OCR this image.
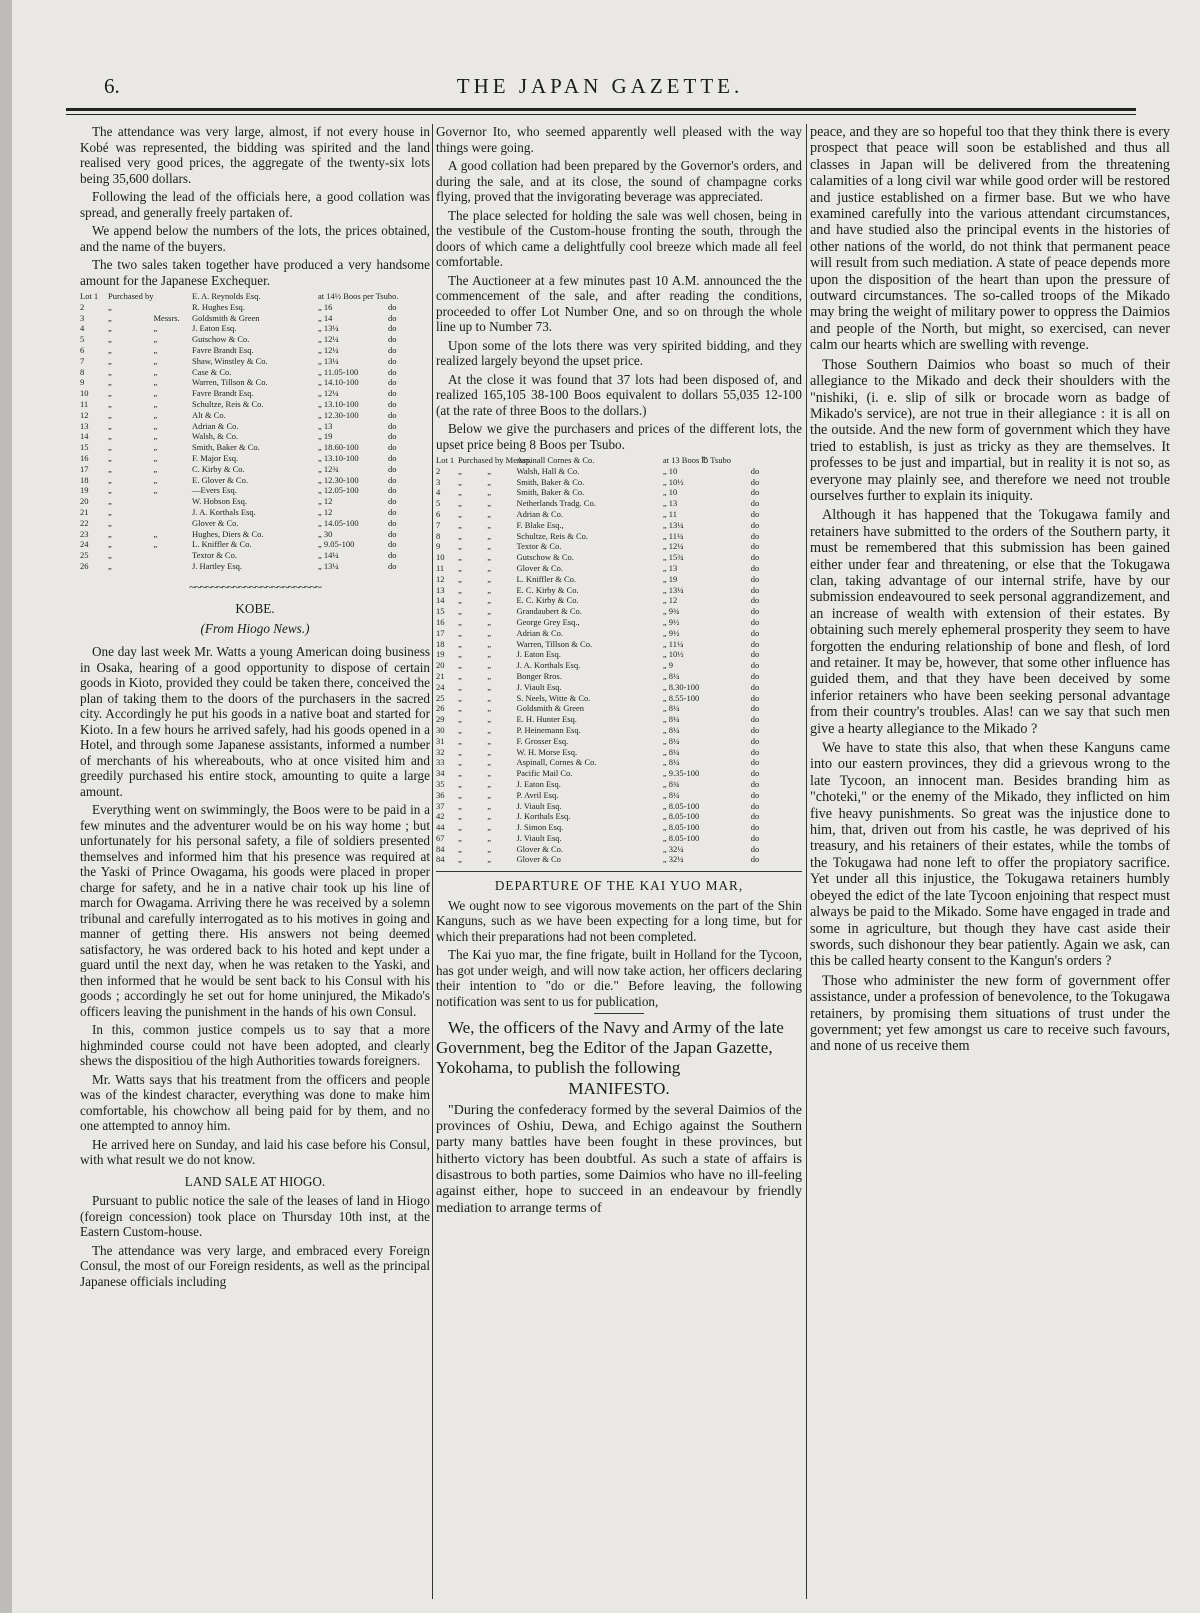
6.	THE JAPAN GAZETTE.

The attendance was very large, almost, if not every house in Kobé was represented, the bidding was spirited and the land realised very good prices, the aggregate of the twenty-six lots being 35,600 dollars.

Following the lead of the officials here, a good collation was spread, and generally freely partaken of.

We append below the numbers of the lots, the prices obtained, and the name of the buyers.

The two sales taken together have produced a very handsome amount for the Japanese Exchequer.

Lot 1	Purchased by		E. A. Reynolds Esq.	at 14½ Boos per Tsubo.	
2	„		R. Hughes Esq.	„ 16	do
3	„	Messrs.	Goldsmith & Green	„ 14	do
4	„	„	J. Eaton Esq.	„ 13¼	do
5	„	„	Gutschow & Co.	„ 12¼	do
6	„	„	Favre Brandt Esq.	„ 12¼	do
7	„	„	Shaw, Winstley & Co.	„ 13¼	do
8	„	„	Case & Co.	„ 11.05-100	do
9	„	„	Warren, Tillson & Co.	„ 14.10-100	do
10	„	„	Favre Brandt Esq.	„ 12¼	do
11	„	„	Schultze, Reis & Co.	„ 13.10-100	do
12	„	„	Alt & Co.	„ 12.30-100	do
13	„	„	Adrian & Co.	„ 13	do
14	„	„	Walsh, & Co.	„ 19	do
15	„	„	Smith, Baker & Co.	„ 18.60-100	do
16	„	„	F. Major Esq.	„ 13.10-100	do
17	„	„	C. Kirby & Co.	„ 12¾	do
18	„	„	E. Glover & Co.	„ 12.30-100	do
19	„	„	—Evers Esq.	„ 12.05-100	do
20	„		W. Hobson Esq.	„ 12	do
21	„		J. A. Korthals Esq.	„ 12	do
22	„		Glover & Co.	„ 14.05-100	do
23	„	„	Hughes, Diers & Co.	„ 30	do
24	„	„	L. Kniffler & Co.	„ 9.05-100	do
25	„		Textor & Co.	„ 14¼	do
26	„		J. Hartley Esq.	„ 13¼	do
~~~~~~~~~~~~~~~~~~~~~~~~

KOBE.

(From Hiogo News.)

One day last week Mr. Watts a young American doing business in Osaka, hearing of a good opportunity to dispose of certain goods in Kioto, provided they could be taken there, conceived the plan of taking them to the doors of the purchasers in the sacred city. Accordingly he put his goods in a native boat and started for Kioto. In a few hours he arrived safely, had his goods opened in a Hotel, and through some Japanese assistants, informed a number of merchants of his whereabouts, who at once visited him and greedily purchased his entire stock, amounting to quite a large amount.

Everything went on swimmingly, the Boos were to be paid in a few minutes and the adventurer would be on his way home ; but unfortunately for his personal safety, a file of soldiers presented themselves and informed him that his presence was required at the Yaski of Prince Owagama, his goods were placed in proper charge for safety, and he in a native chair took up his line of march for Owagama. Arriving there he was received by a solemn tribunal and carefully interrogated as to his motives in going and manner of getting there. His answers not being deemed satisfactory, he was ordered back to his hoted and kept under a guard until the next day, when he was retaken to the Yaski, and then informed that he would be sent back to his Consul with his goods ; accordingly he set out for home uninjured, the Mikado's officers leaving the punishment in the hands of his own Consul.

In this, common justice compels us to say that a more highminded course could not have been adopted, and clearly shews the dispositiou of the high Authorities towards foreigners.

Mr. Watts says that his treatment from the officers and people was of the kindest character, everything was done to make him comfortable, his chowchow all being paid for by them, and no one attempted to annoy him.

He arrived here on Sunday, and laid his case before his Consul, with what result we do not know.

LAND SALE AT HIOGO.

Pursuant to public notice the sale of the leases of land in Hiogo (foreign concession) took place on Thursday 10th inst, at the Eastern Custom-house.

The attendance was very large, and embraced every Foreign Consul, the most of our Foreign residents, as well as the principal Japanese officials including

Governor Ito, who seemed apparently well pleased with the way things were going.

A good collation had been prepared by the Governor's orders, and during the sale, and at its close, the sound of champagne corks flying, proved that the invigorating beverage was appreciated.

The place selected for holding the sale was well chosen, being in the vestibule of the Custom-house fronting the south, through the doors of which came a delightfully cool breeze which made all feel comfortable.

The Auctioneer at a few minutes past 10 A.M. announced the the commencement of the sale, and after reading the conditions, proceeded to offer Lot Number One, and so on through the whole line up to Number 73.

Upon some of the lots there was very spirited bidding, and they realized largely beyond the upset price.

At the close it was found that 37 lots had been disposed of, and realized 165,105 38-100 Boos equivalent to dollars 55,035 12-100 (at the rate of three Boos to the dollars.)

Below we give the purchasers and prices of the different lots, the upset price being 8 Boos per Tsubo.

Lot 1	Purchased by Messrs.		Aspinall Cornes & Co.	at 13 Boos ℔ Tsubo	
2	„	„	Walsh, Hall & Co.	„ 10	do
3	„	„	Smith, Baker & Co.	„ 10½	do
4	„	„	Smith, Baker & Co.	„ 10	do
5	„	„	Netherlands Tradg. Co.	„ 13	do
6	„	„	Adrian & Co.	„ 11	do
7	„	„	F. Blake Esq.,	„ 13¼	do
8	„	„	Schultze, Reis & Co.	„ 11¼	do
9	„	„	Textor & Co.	„ 12¼	do
10	„	„	Gutschow & Co.	„ 15¾	do
11	„	„	Glover & Co.	„ 13	do
12	„	„	L. Kniffler & Co.	„ 19	do
13	„	„	E. C. Kirby & Co.	„ 13¼	do
14	„	„	E. C. Kirby & Co.	„ 12	do
15	„	„	Grandaubert & Co.	„ 9¾	do
16	„	„	George Grey Esq.,	„ 9½	do
17	„	„	Adrian & Co.	„ 9½	do
18	„	„	Warren, Tillson & Co.	„ 11¼	do
19	„	„	J. Eaton Esq.	„ 10½	do
20	„	„	J. A. Korthals Esq.	„ 9	do
21	„	„	Bonger Rros.	„ 8¼	do
24	„	„	J. Viault Esq.	„ 8.30-100	do
25	„	„	S. Neels, Witte & Co.	„ 8.55-100	do
26	„	„	Goldsmith & Green	„ 8¼	do
29	„	„	E. H. Hunter Esq.	„ 8¼	do
30	„	„	P. Heinemann Esq.	„ 8¼	do
31	„	„	F. Grosser Esq.	„ 8¼	do
32	„	„	W. H. Morse Esq.	„ 8¼	do
33	„	„	Aspinall, Cornes & Co.	„ 8¼	do
34	„	„	Pacific Mail Co.	„ 9.35-100	do
35	„	„	J. Eaton Esq.	„ 8¾	do
36	„	„	P. Avril Esq.	„ 8¼	do
37	„	„	J. Viault Esq.	„ 8.05-100	do
42	„	„	J. Korthals Esq.	„ 8.05-100	do
44	„	„	J. Simon Esq.	„ 8.05-100	do
67	„	„	J. Viault Esq.	„ 8.05-100	do
84	„	„	Glover & Co.	„ 32¼	do
84	„	„	Glover & Co	„ 32¼	do

DEPARTURE OF THE KAI YUO MAR,

We ought now to see vigorous movements on the part of the Shin Kanguns, such as we have been expecting for a long time, but for which their preparations had not been completed.

The Kai yuo mar, the fine frigate, built in Holland for the Tycoon, has got under weigh, and will now take action, her officers declaring their intention to "do or die." Before leaving, the following notification was sent to us for publication,

We, the officers of the Navy and Army of the late Government, beg the Editor of the Japan Gazette, Yokohama, to publish the following

MANIFESTO.

"During the confederacy formed by the several Daimios of the provinces of Oshiu, Dewa, and Echigo against the Southern party many battles have been fought in these provinces, but hitherto victory has been doubtful. As such a state of affairs is disastrous to both parties, some Daimios who have no ill-feeling against either, hope to succeed in an endeavour by friendly mediation to arrange terms of

peace, and they are so hopeful too that they think there is every prospect that peace will soon be established and thus all classes in Japan will be delivered from the threatening calamities of a long civil war while good order will be restored and justice established on a firmer base. But we who have examined carefully into the various attendant circumstances, and have studied also the principal events in the histories of other nations of the world, do not think that permanent peace will result from such mediation. A state of peace depends more upon the disposition of the heart than upon the pressure of outward circumstances. The so-called troops of the Mikado may bring the weight of military power to oppress the Daimios and people of the North, but might, so exercised, can never calm our hearts which are swelling with revenge.

Those Southern Daimios who boast so much of their allegiance to the Mikado and deck their shoulders with the "nishiki, (i. e. slip of silk or brocade worn as badge of Mikado's service), are not true in their allegiance : it is all on the outside. And the new form of government which they have tried to establish, is just as tricky as they are themselves. It professes to be just and impartial, but in reality it is not so, as everyone may plainly see, and therefore we need not trouble ourselves further to explain its iniquity.

Although it has happened that the Tokugawa family and retainers have submitted to the orders of the Southern party, it must be remembered that this submission has been gained either under fear and threatening, or else that the Tokugawa clan, taking advantage of our internal strife, have by our submission endeavoured to seek personal aggrandizement, and an increase of wealth with extension of their estates. By obtaining such merely ephemeral prosperity they seem to have forgotten the enduring relationship of bone and flesh, of lord and retainer. It may be, however, that some other influence has guided them, and that they have been deceived by some inferior retainers who have been seeking personal advantage from their country's troubles. Alas! can we say that such men give a hearty allegiance to the Mikado ?

We have to state this also, that when these Kanguns came into our eastern provinces, they did a grievous wrong to the late Tycoon, an innocent man. Besides branding him as "choteki," or the enemy of the Mikado, they inflicted on him five heavy punishments. So great was the injustice done to him, that, driven out from his castle, he was deprived of his treasury, and his retainers of their estates, while the tombs of the Tokugawa had none left to offer the propiatory sacrifice. Yet under all this injustice, the Tokugawa retainers humbly obeyed the edict of the late Tycoon enjoining that respect must always be paid to the Mikado. Some have engaged in trade and some in agriculture, but though they have cast aside their swords, such dishonour they bear patiently. Again we ask, can this be called hearty consent to the Kangun's orders ?

Those who administer the new form of government offer assistance, under a profession of benevolence, to the Tokugawa retainers, by promising them situations of trust under the government; yet few amongst us care to receive such favours, and none of us receive them
